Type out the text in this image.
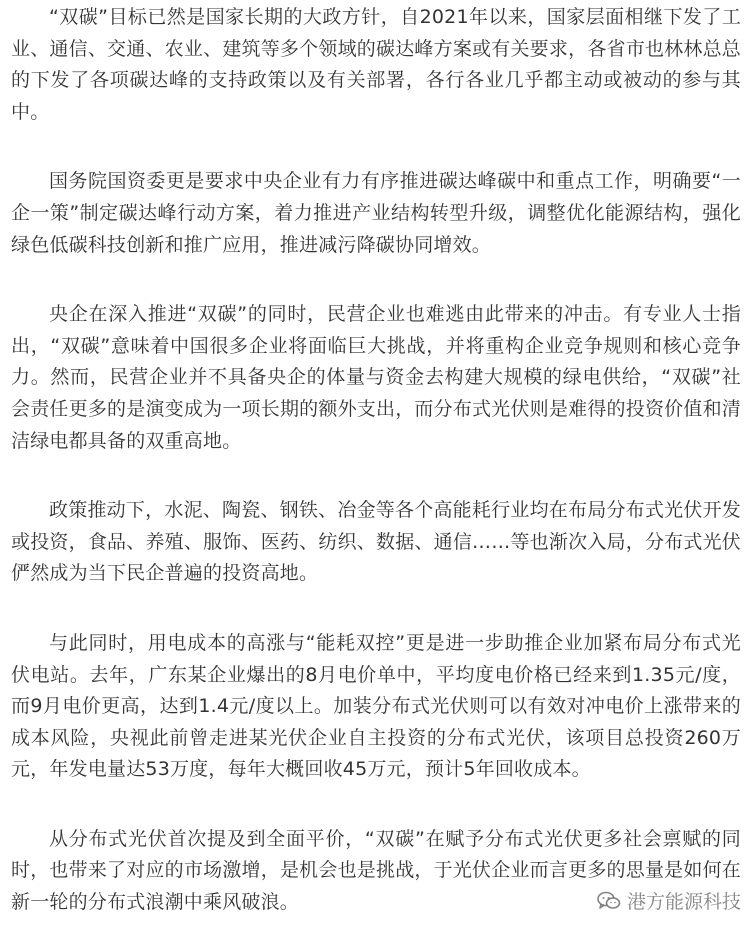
“双碳”目标已然是国家长期的大政方针，自2021年以来，国家层面相继下发了工业、通信、交通、农业、建筑等多个领域的碳达峰方案或有关要求，各省市也林林总总的下发了各项碳达峰的支持政策以及有关部署，各行各业几乎都主动或被动的参与其中。

国务院国资委更是要求中央企业有力有序推进碳达峰碳中和重点工作，明确要“一企一策”制定碳达峰行动方案，着力推进产业结构转型升级，调整优化能源结构，强化绿色低碳科技创新和推广应用，推进减污降碳协同增效。

央企在深入推进“双碳”的同时，民营企业也难逃由此带来的冲击。有专业人士指出，“双碳”意味着中国很多企业将面临巨大挑战，并将重构企业竞争规则和核心竞争力。然而，民营企业并不具备央企的体量与资金去构建大规模的绿电供给，“双碳”社会责任更多的是演变成为一项长期的额外支出，而分布式光伏则是难得的投资价值和清洁绿电都具备的双重高地。

政策推动下，水泥、陶瓷、钢铁、冶金等各个高能耗行业均在布局分布式光伏开发或投资，食品、养殖、服饰、医药、纺织、数据、通信……等也渐次入局，分布式光伏俨然成为当下民企普遍的投资高地。

与此同时，用电成本的高涨与“能耗双控”更是进一步助推企业加紧布局分布式光伏电站。去年，广东某企业爆出的8月电价单中，平均度电价格已经来到1.35元/度，而9月电价更高，达到1.4元/度以上。加装分布式光伏则可以有效对冲电价上涨带来的成本风险，央视此前曾走进某光伏企业自主投资的分布式光伏，该项目总投资260万元，年发电量达53万度，每年大概回收45万元，预计5年回收成本。

从分布式光伏首次提及到全面平价，“双碳”在赋予分布式光伏更多社会禀赋的同时，也带来了对应的市场激增，是机会也是挑战，于光伏企业而言更多的思量是如何在新一轮的分布式浪潮中乘风破浪。	港方能源科技
